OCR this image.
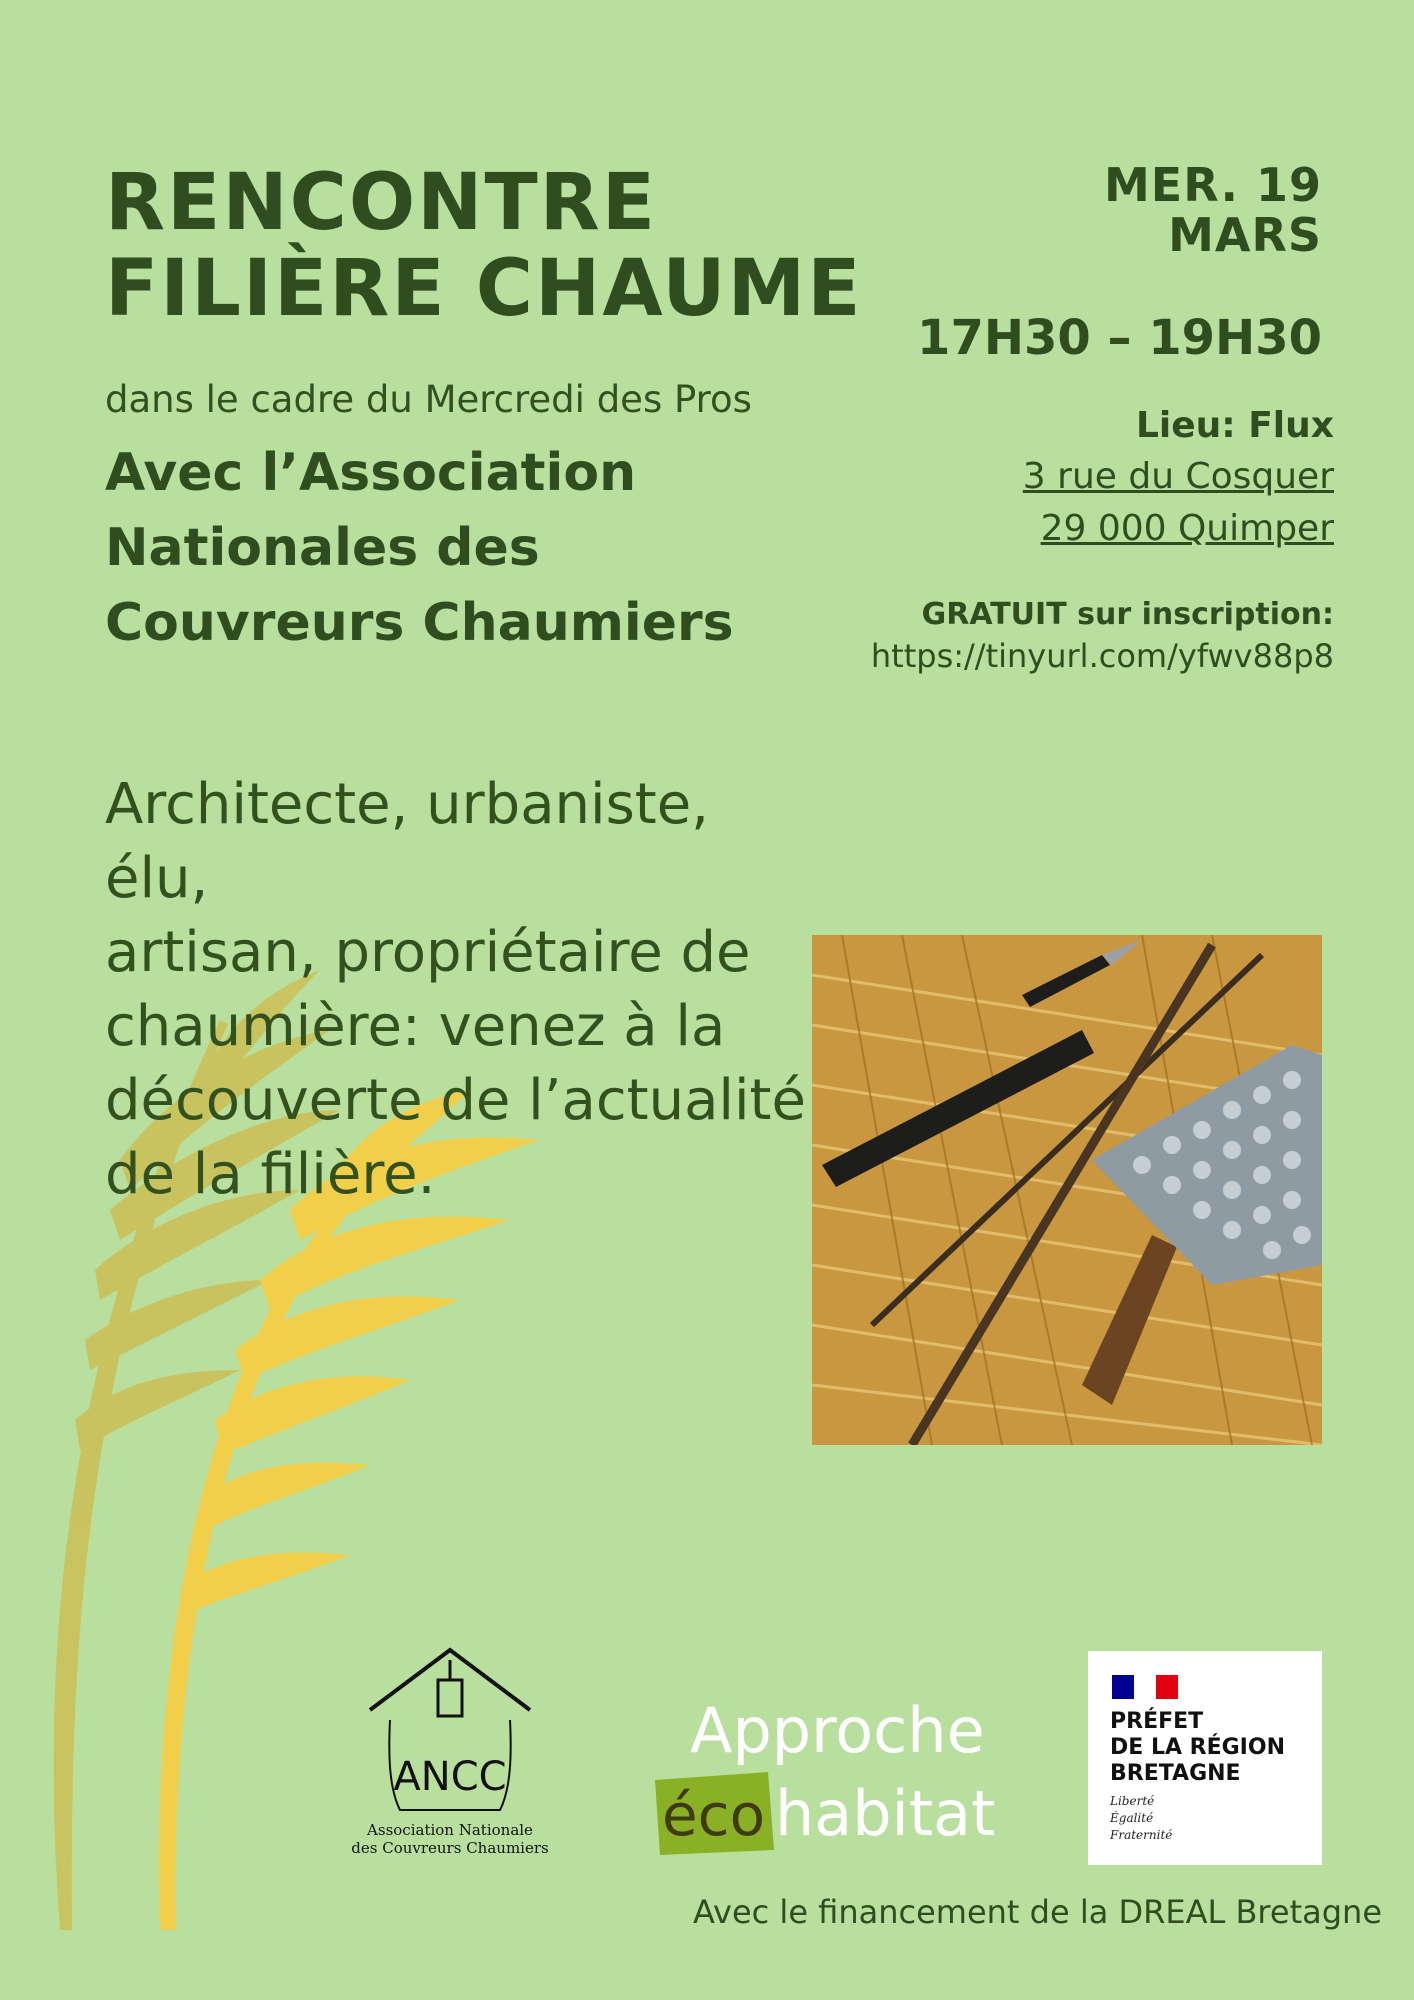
RENCONTRE
FILIÈRE CHAUME
dans le cadre du Mercredi des Pros
Avec l’Association
Nationales des
Couvreurs Chaumiers
MER. 19
MARS
17H30 – 19H30
Lieu: Flux
3 rue du Cosquer
29 000 Quimper
GRATUIT sur inscription:
https://tinyurl.com/yfwv88p8
Architecte, urbaniste, élu,
artisan, propriétaire de
chaumière: venez à la
découverte de l’actualité
de la filière.
ANCC
Association Nationale
des Couvreurs Chaumiers
Approche
éco habitat
PRÉFET
DE LA RÉGION
BRETAGNE
Liberté
Égalité
Fraternité
Avec le financement de la DREAL Bretagne
